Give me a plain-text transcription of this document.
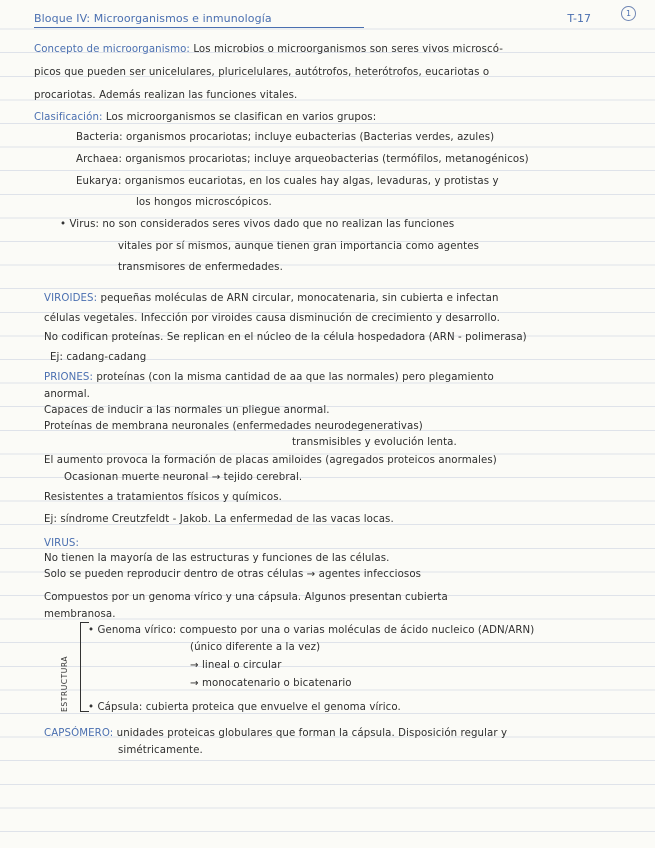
Bloque IV: Microorganismos e inmunología	T-17	1
Concepto de microorganismo: Los microbios o microorganismos son seres vivos microscó-
picos que pueden ser unicelulares, pluricelulares, autótrofos, heterótrofos, eucariotas o
procariotas. Además realizan las funciones vitales.
Clasificación: Los microorganismos se clasifican en varios grupos:
Bacteria: organismos procariotas; incluye eubacterias (Bacterias verdes, azules)
Archaea: organismos procariotas; incluye arqueobacterias (termófilos, metanogénicos)
Eukarya: organismos eucariotas, en los cuales hay algas, levaduras, y protistas y
los hongos microscópicos.
• Virus: no son considerados seres vivos dado que no realizan las funciones
vitales por sí mismos, aunque tienen gran importancia como agentes
transmisores de enfermedades.
VIROIDES: pequeñas moléculas de ARN circular, monocatenaria, sin cubierta e infectan
células vegetales. Infección por viroides causa disminución de crecimiento y desarrollo.
No codifican proteínas. Se replican en el núcleo de la célula hospedadora (ARN - polimerasa)
Ej: cadang-cadang
PRIONES: proteínas (con la misma cantidad de aa que las normales) pero plegamiento
anormal.
Capaces de inducir a las normales un pliegue anormal.
Proteínas de membrana neuronales (enfermedades neurodegenerativas)
transmisibles y evolución lenta.
El aumento provoca la formación de placas amiloides (agregados proteicos anormales)
Ocasionan muerte neuronal → tejido cerebral.
Resistentes a tratamientos físicos y químicos.
Ej: síndrome Creutzfeldt - Jakob. La enfermedad de las vacas locas.
VIRUS:
No tienen la mayoría de las estructuras y funciones de las células.
Solo se pueden reproducir dentro de otras células → agentes infecciosos
Compuestos por un genoma vírico y una cápsula. Algunos presentan cubierta
membranosa.
ESTRUCTURA
• Genoma vírico: compuesto por una o varias moléculas de ácido nucleico (ADN/ARN)
(único diferente a la vez)
→ lineal o circular
→ monocatenario o bicatenario
• Cápsula: cubierta proteica que envuelve el genoma vírico.
CAPSÓMERO: unidades proteicas globulares que forman la cápsula. Disposición regular y
simétricamente.
